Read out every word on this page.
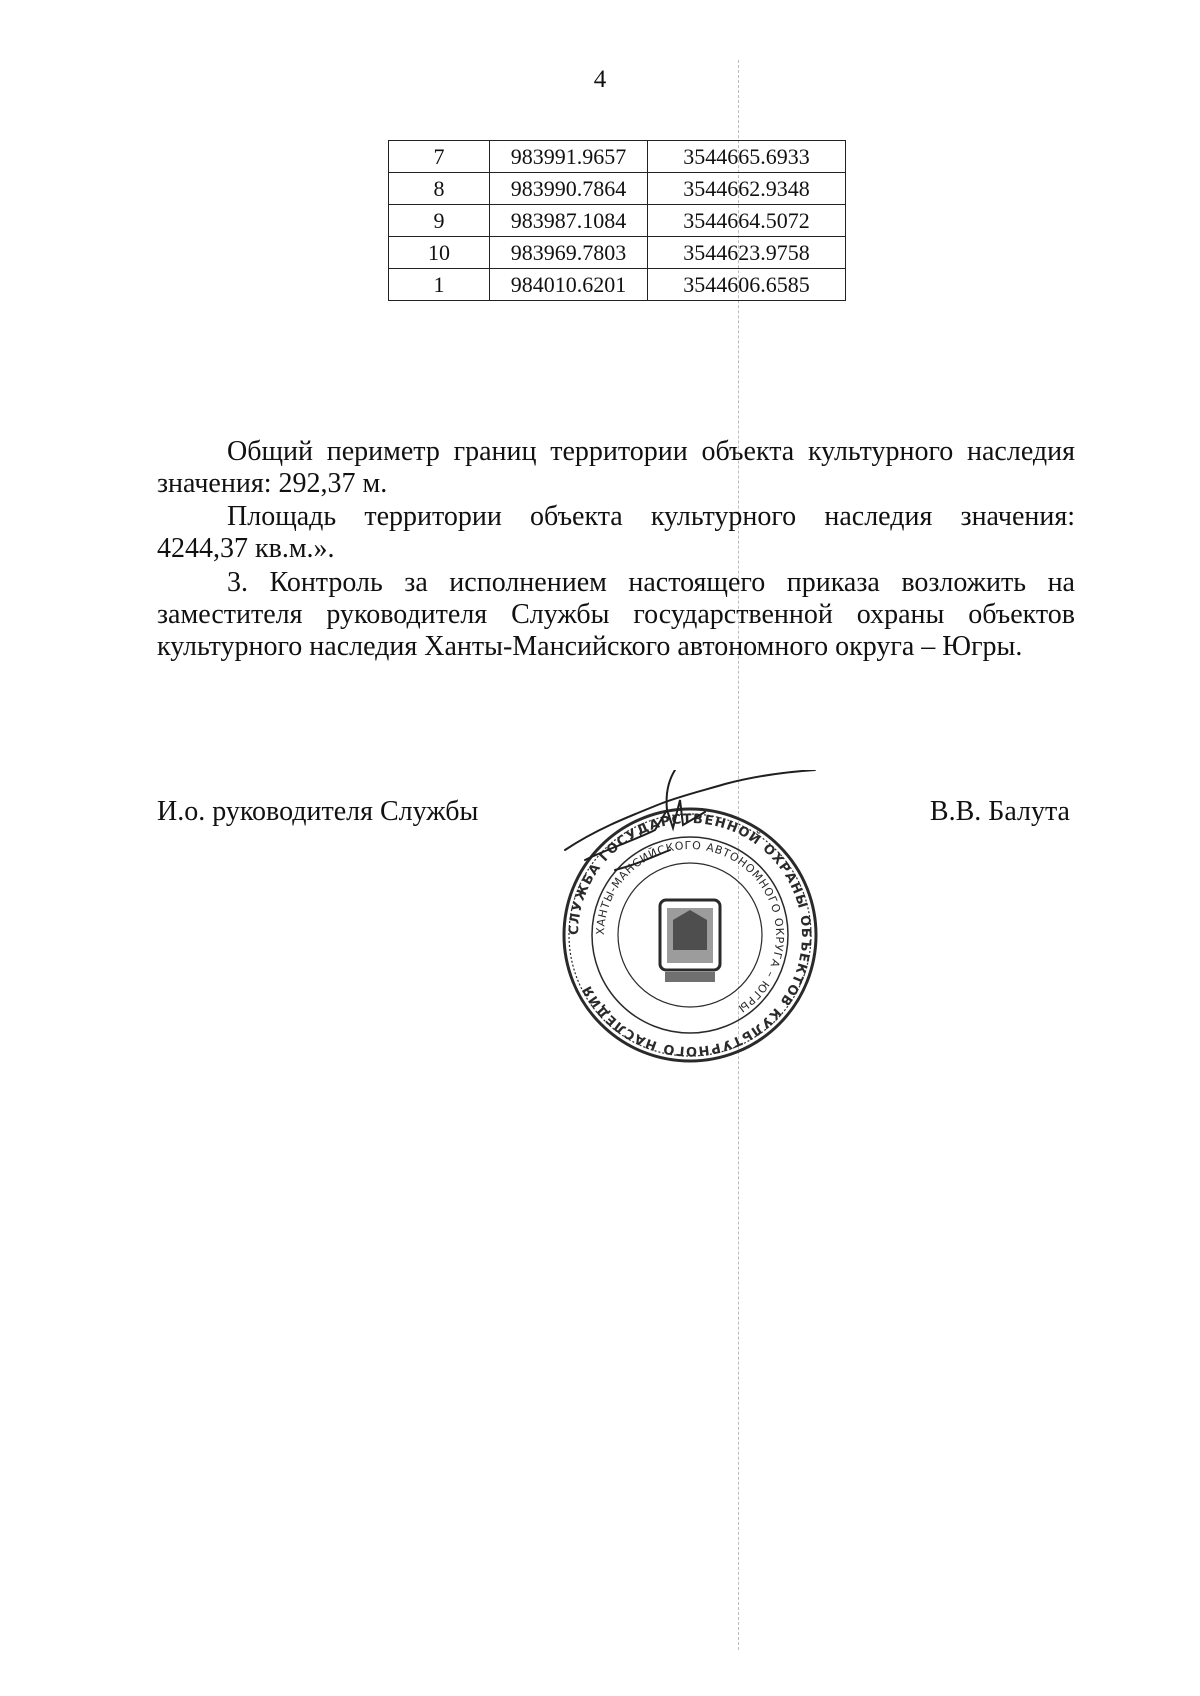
4
7	983991.9657	3544665.6933
8	983990.7864	3544662.9348
9	983987.1084	3544664.5072
10	983969.7803	3544623.9758
1	984010.6201	3544606.6585
Общий периметр границ территории объекта культурного наследия
значения: 292,37 м.
Площадь территории объекта культурного наследия значения:
4244,37 кв.м.».
3. Контроль за исполнением настоящего приказа возложить на
заместителя руководителя Службы государственной охраны объектов
культурного наследия Ханты-Мансийского автономного округа – Югры.
И.о. руководителя Службы	В.В. Балута
СЛУЖБА ГОСУДАРСТВЕННОЙ ОХРАНЫ ОБЪЕКТОВ КУЛЬТУРНОГО НАСЛЕДИЯ
ХАНТЫ-МАНСИЙСКОГО АВТОНОМНОГО ОКРУГА – ЮГРЫ
